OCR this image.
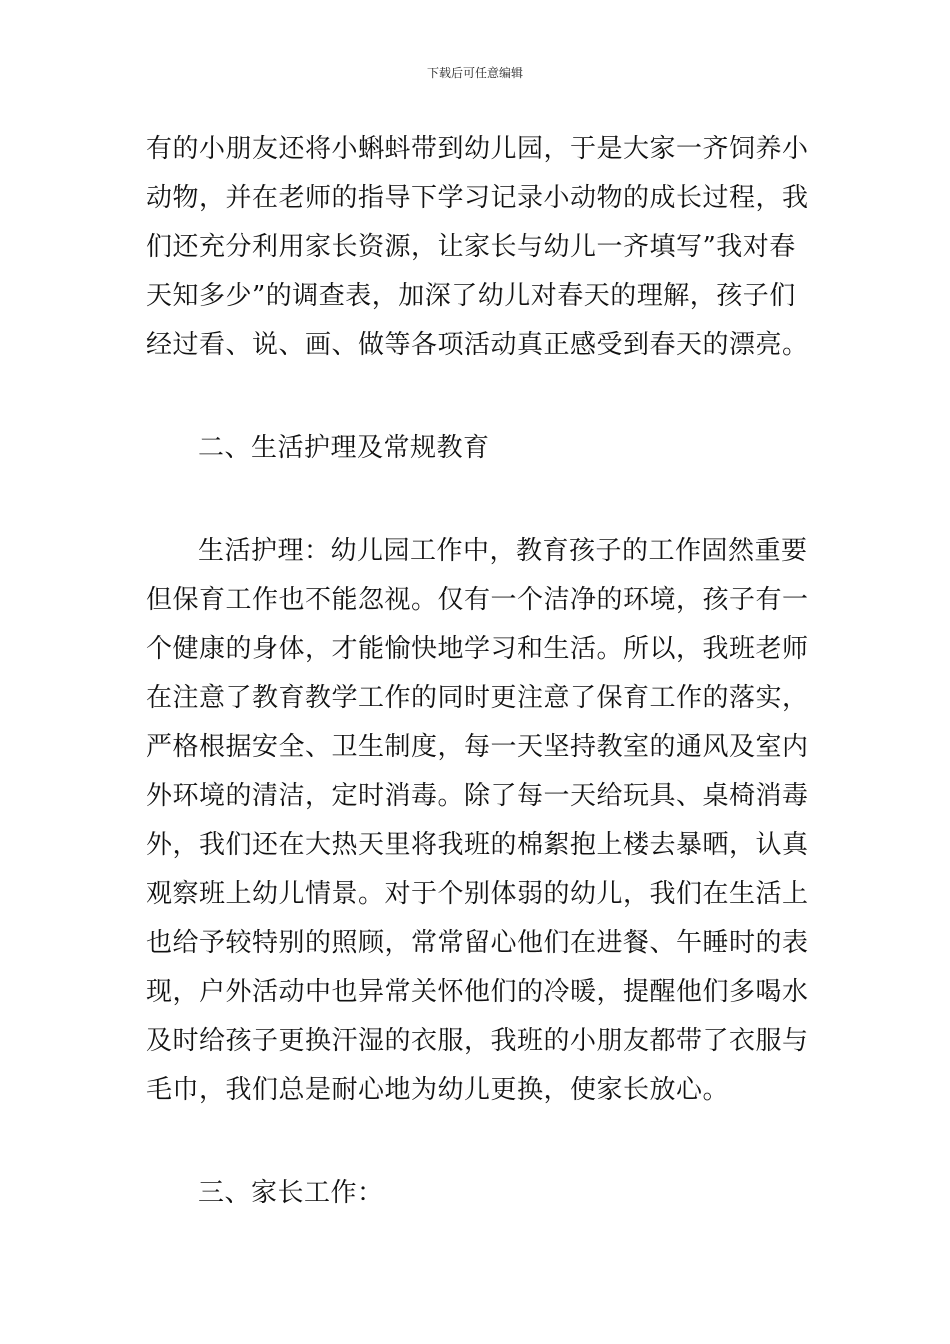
下载后可任意编辑
有的小朋友还将小蝌蚪带到幼儿园，于是大家一齐饲养小
动物，并在老师的指导下学习记录小动物的成长过程，我
们还充分利用家长资源，让家长与幼儿一齐填写”我对春
天知多少”的调查表，加深了幼儿对春天的理解，孩子们
经过看、说、画、做等各项活动真正感受到春天的漂亮。
二、生活护理及常规教育
生活护理：幼儿园工作中，教育孩子的工作固然重要
但保育工作也不能忽视。仅有一个洁净的环境，孩子有一
个健康的身体，才能愉快地学习和生活。所以，我班老师
在注意了教育教学工作的同时更注意了保育工作的落实，
严格根据安全、卫生制度，每一天坚持教室的通风及室内
外环境的清洁，定时消毒。除了每一天给玩具、桌椅消毒
外，我们还在大热天里将我班的棉絮抱上楼去暴晒，认真
观察班上幼儿情景。对于个别体弱的幼儿，我们在生活上
也给予较特别的照顾，常常留心他们在进餐、午睡时的表
现，户外活动中也异常关怀他们的冷暖，提醒他们多喝水
及时给孩子更换汗湿的衣服，我班的小朋友都带了衣服与
毛巾，我们总是耐心地为幼儿更换，使家长放心。
三、家长工作：
